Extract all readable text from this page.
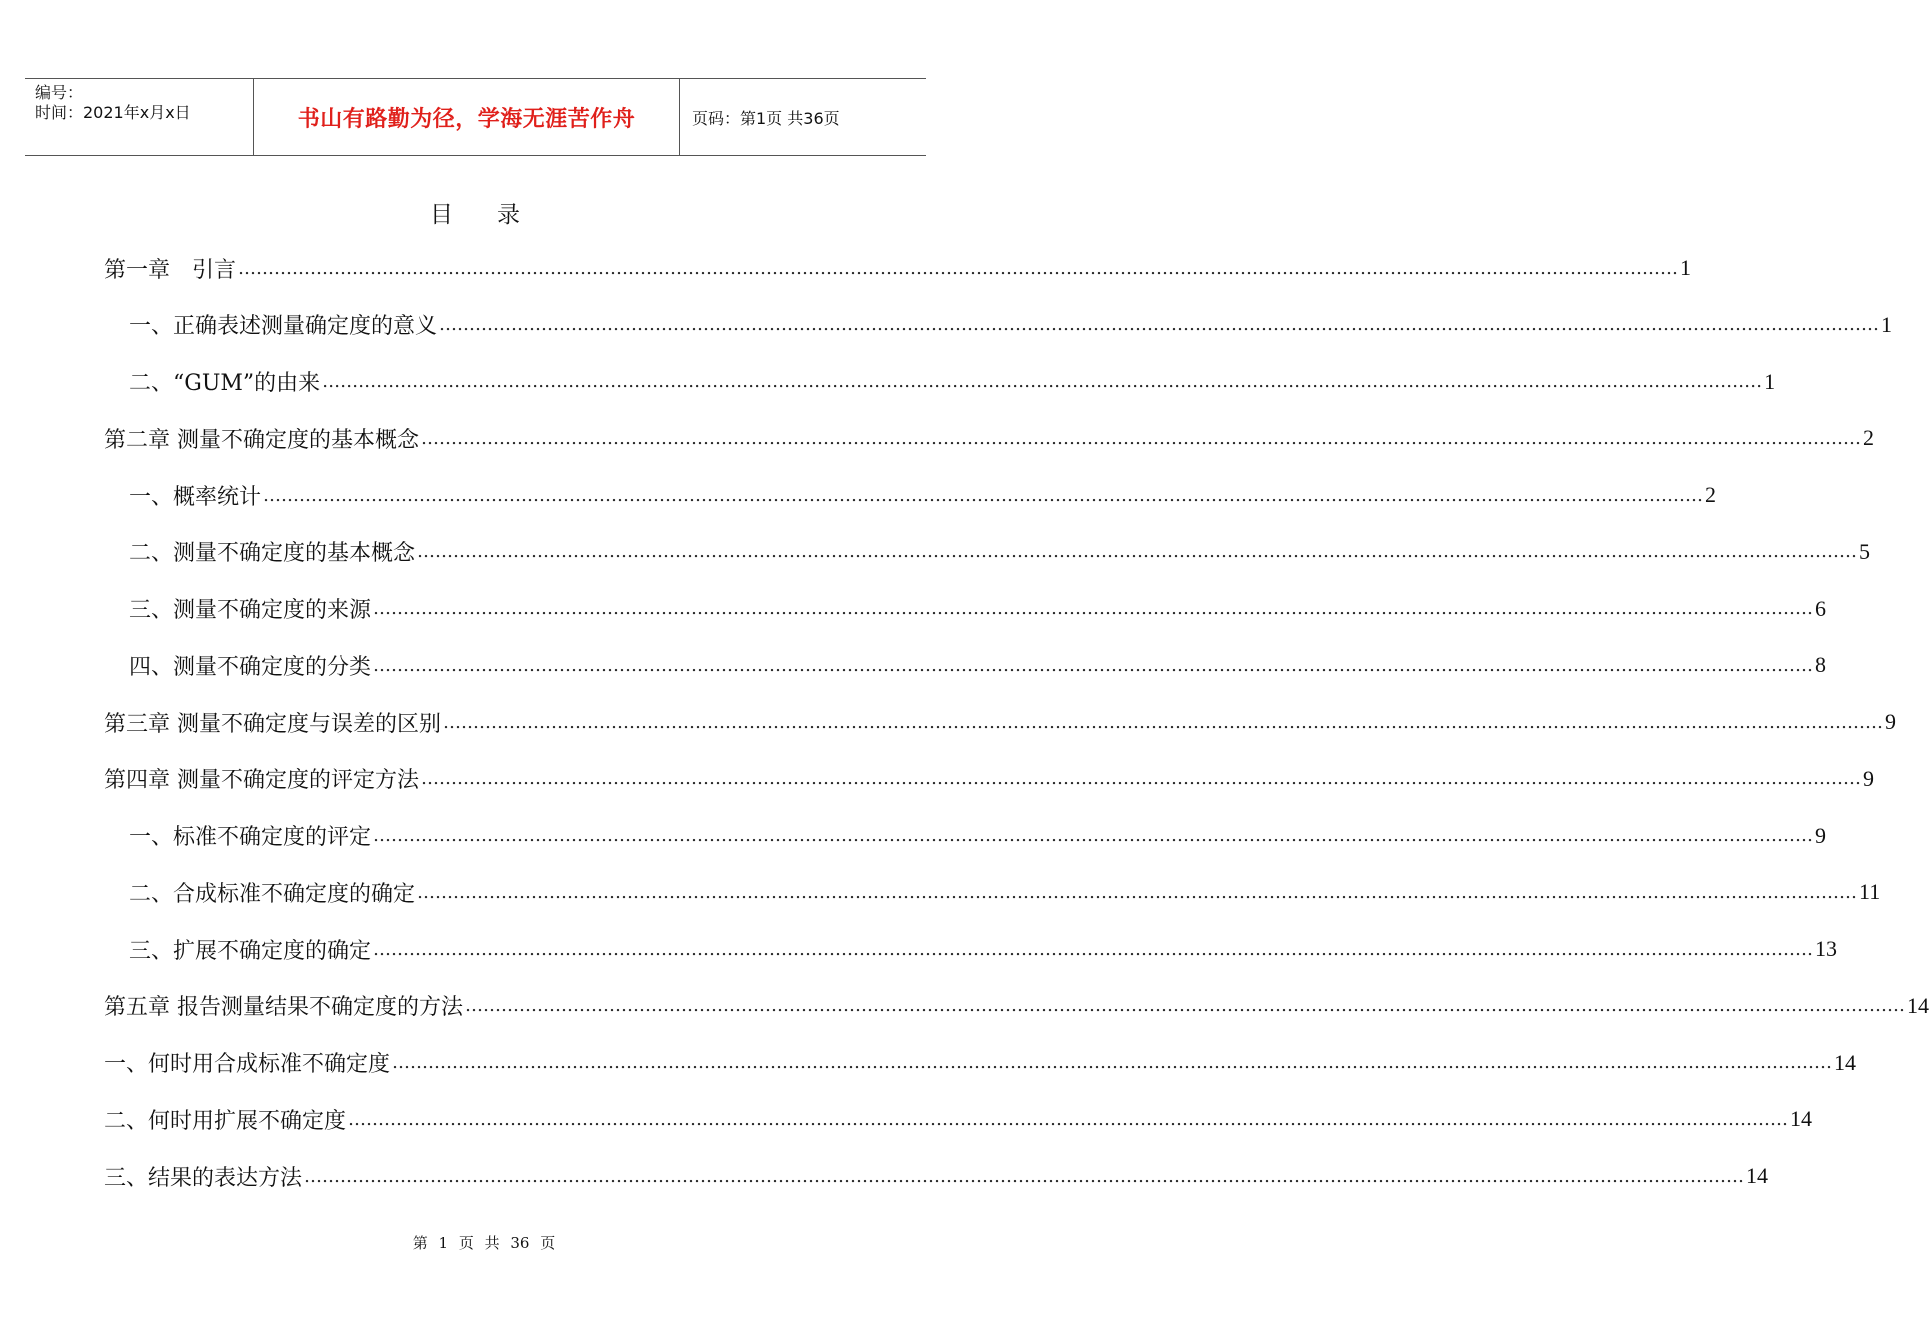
编号：
时间：2021年x月x日	书山有路勤为径，学海无涯苦作舟	页码：第1页 共36页
目录
第一章　引言 …………………………………………………………………………………………………………………………………………………………………………………………………………………… 1
一、正确表述测量确定度的意义 …………………………………………………………………………………………………………………………………………………………………………………………………………………… 1
二、“GUM”的由来 …………………………………………………………………………………………………………………………………………………………………………………………………………………… 1
第二章 测量不确定度的基本概念 …………………………………………………………………………………………………………………………………………………………………………………………………………………… 2
一、概率统计 …………………………………………………………………………………………………………………………………………………………………………………………………………………… 2
二、测量不确定度的基本概念 …………………………………………………………………………………………………………………………………………………………………………………………………………………… 5
三、测量不确定度的来源 …………………………………………………………………………………………………………………………………………………………………………………………………………………… 6
四、测量不确定度的分类 …………………………………………………………………………………………………………………………………………………………………………………………………………………… 8
第三章 测量不确定度与误差的区别 …………………………………………………………………………………………………………………………………………………………………………………………………………………… 9
第四章 测量不确定度的评定方法 …………………………………………………………………………………………………………………………………………………………………………………………………………………… 9
一、标准不确定度的评定 …………………………………………………………………………………………………………………………………………………………………………………………………………………… 9
二、合成标准不确定度的确定 …………………………………………………………………………………………………………………………………………………………………………………………………………………… 11
三、扩展不确定度的确定 …………………………………………………………………………………………………………………………………………………………………………………………………………………… 13
第五章 报告测量结果不确定度的方法 …………………………………………………………………………………………………………………………………………………………………………………………………………………… 14
一、何时用合成标准不确定度 …………………………………………………………………………………………………………………………………………………………………………………………………………………… 14
二、何时用扩展不确定度 …………………………………………………………………………………………………………………………………………………………………………………………………………………… 14
三、结果的表达方法 …………………………………………………………………………………………………………………………………………………………………………………………………………………… 14
第 1 页 共 36 页
